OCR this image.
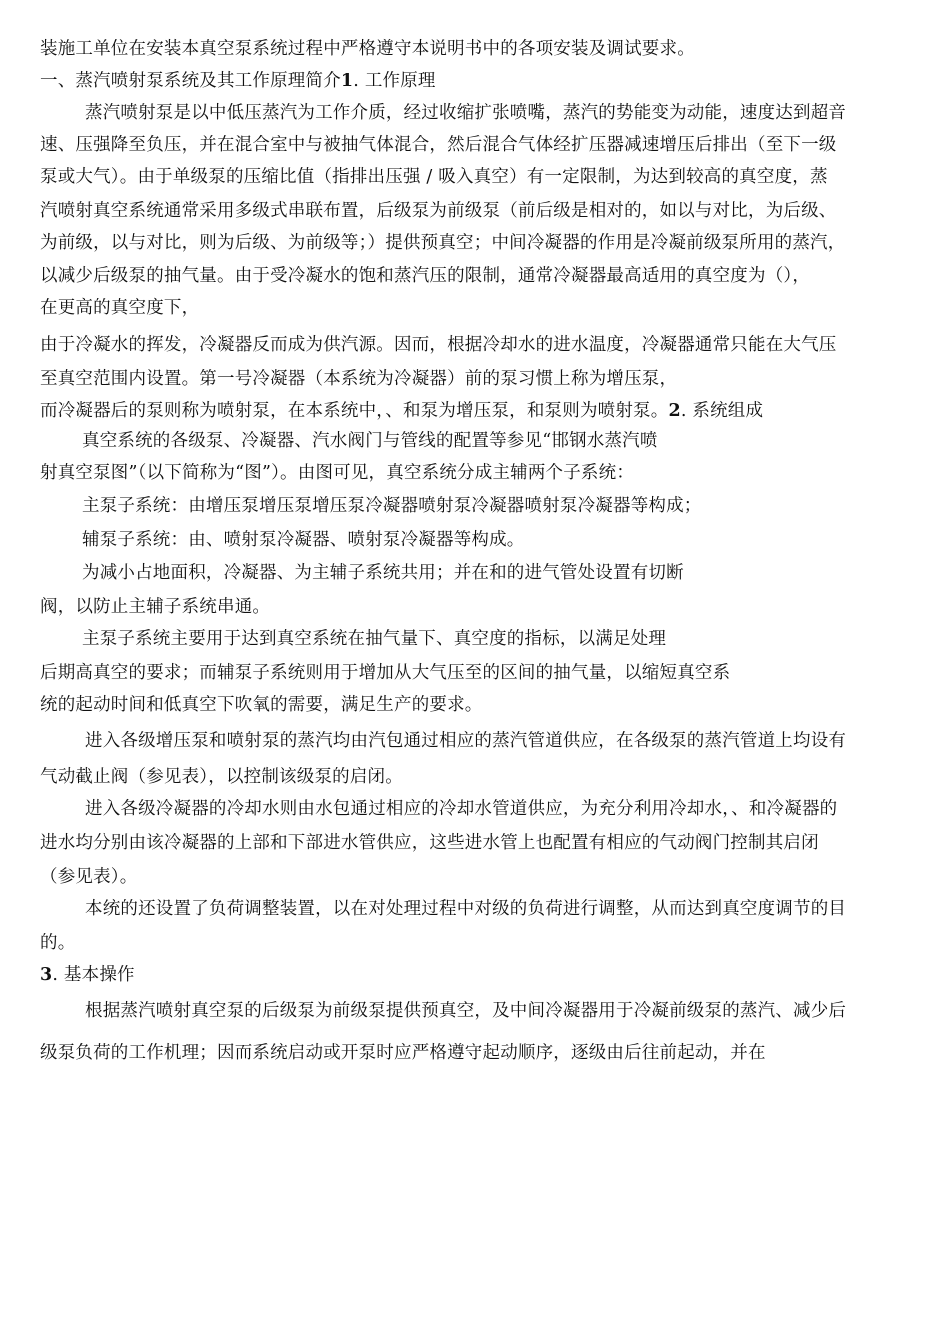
装施工单位在安装本真空泵系统过程中严格遵守本说明书中的各项安装及调试要求。
一、蒸汽喷射泵系统及其工作原理简介1. 工作原理
蒸汽喷射泵是以中低压蒸汽为工作介质，经过收缩扩张喷嘴，蒸汽的势能变为动能，速度达到超音
速、压强降至负压，并在混合室中与被抽气体混合，然后混合气体经扩压器减速增压后排出（至下一级
泵或大气）。由于单级泵的压缩比值（指排出压强 / 吸入真空）有一定限制，为达到较高的真空度，蒸
汽喷射真空系统通常采用多级式串联布置，后级泵为前级泵（前后级是相对的，如以与对比，为后级、
为前级，以与对比，则为后级、为前级等；）提供预真空；中间冷凝器的作用是冷凝前级泵所用的蒸汽，
以减少后级泵的抽气量。由于受冷凝水的饱和蒸汽压的限制，通常冷凝器最高适用的真空度为（），
在更高的真空度下，
由于冷凝水的挥发，冷凝器反而成为供汽源。因而，根据冷却水的进水温度，冷凝器通常只能在大气压
至真空范围内设置。第一号冷凝器（本系统为冷凝器）前的泵习惯上称为增压泵，
而冷凝器后的泵则称为喷射泵，在本系统中，、和泵为增压泵，和泵则为喷射泵。2. 系统组成
真空系统的各级泵、冷凝器、汽水阀门与管线的配置等参见“邯钢水蒸汽喷
射真空泵图”（以下简称为“图”）。由图可见，真空系统分成主辅两个子系统：
主泵子系统：由增压泵增压泵增压泵冷凝器喷射泵冷凝器喷射泵冷凝器等构成；
辅泵子系统：由、喷射泵冷凝器、喷射泵冷凝器等构成。
为减小占地面积，冷凝器、为主辅子系统共用；并在和的进气管处设置有切断
阀，以防止主辅子系统串通。
主泵子系统主要用于达到真空系统在抽气量下、真空度的指标，以满足处理
后期高真空的要求；而辅泵子系统则用于增加从大气压至的区间的抽气量，以缩短真空系
统的起动时间和低真空下吹氧的需要，满足生产的要求。
进入各级增压泵和喷射泵的蒸汽均由汽包通过相应的蒸汽管道供应，在各级泵的蒸汽管道上均设有
气动截止阀（参见表），以控制该级泵的启闭。
进入各级冷凝器的冷却水则由水包通过相应的冷却水管道供应，为充分利用冷却水，、和冷凝器的
进水均分别由该冷凝器的上部和下部进水管供应，这些进水管上也配置有相应的气动阀门控制其启闭
（参见表）。
本统的还设置了负荷调整装置，以在对处理过程中对级的负荷进行调整，从而达到真空度调节的目
的。
3. 基本操作
根据蒸汽喷射真空泵的后级泵为前级泵提供预真空，及中间冷凝器用于冷凝前级泵的蒸汽、减少后
级泵负荷的工作机理；因而系统启动或开泵时应严格遵守起动顺序，逐级由后往前起动，并在
